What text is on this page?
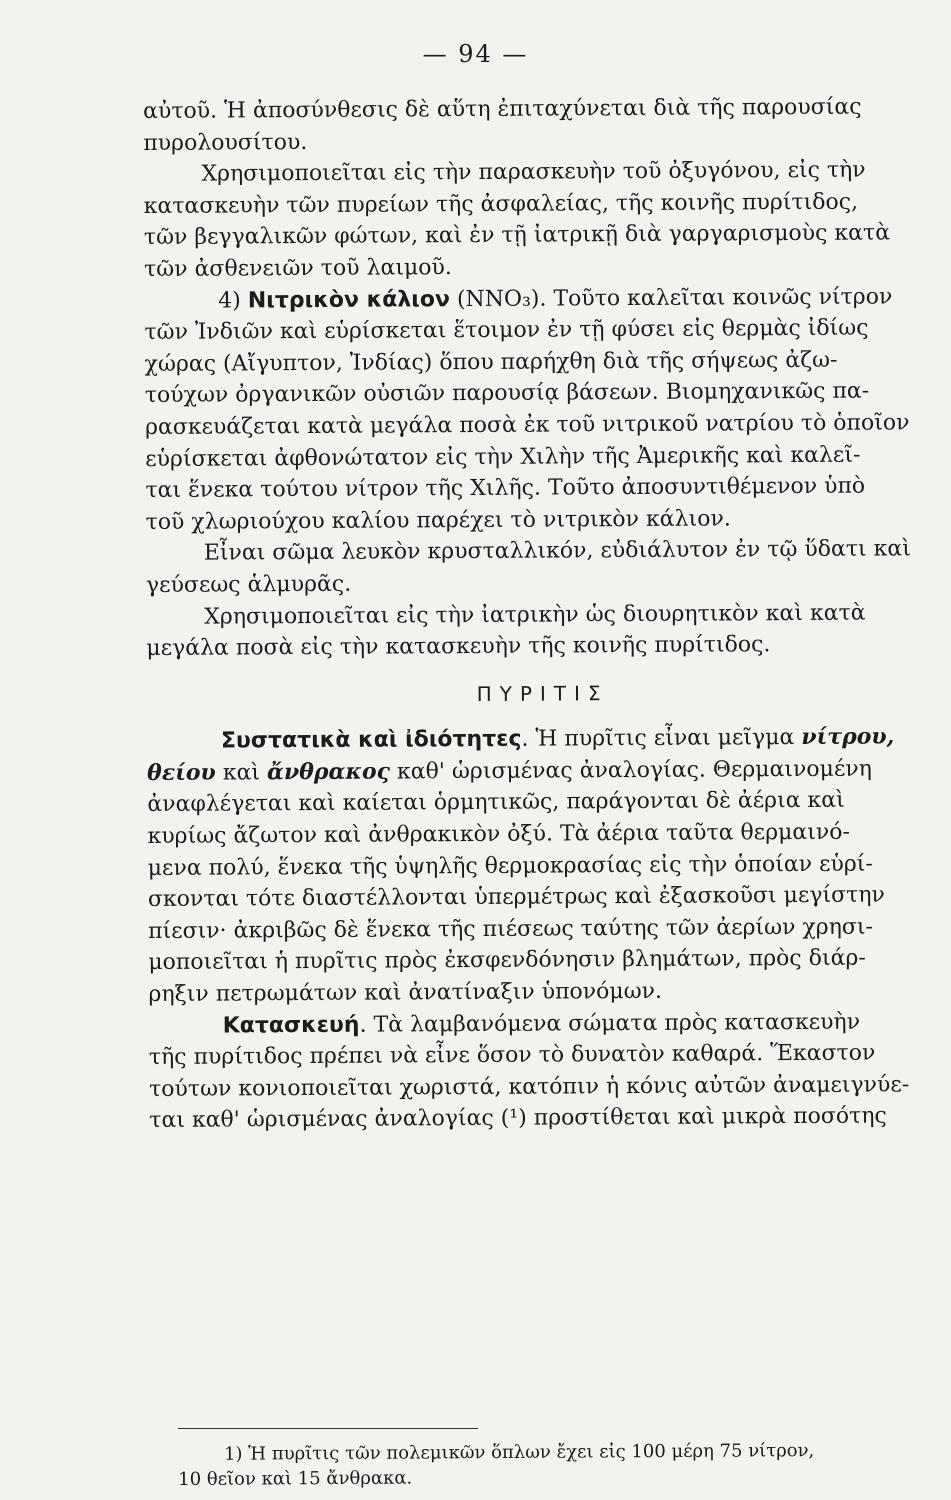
— 94 —
αὐτοῦ. Ἡ ἀποσύνθεσις δὲ αὕτη ἐπιταχύνεται διὰ τῆς παρουσίας
πυρολουσίτου.
Χρησιμοποιεῖται εἰς τὴν παρασκευὴν τοῦ ὀξυγόνου, εἰς τὴν
κατασκευὴν τῶν πυρείων τῆς ἀσφαλείας, τῆς κοινῆς πυρίτιδος,
τῶν βεγγαλικῶν φώτων, καὶ ἐν τῇ ἰατρικῇ διὰ γαργαρισμοὺς κατὰ
τῶν ἀσθενειῶν τοῦ λαιμοῦ.
4) Νιτρικὸν κάλιον (ΝΝΟ₃). Τοῦτο καλεῖται κοινῶς νίτρον
τῶν Ἰνδιῶν καὶ εὑρίσκεται ἕτοιμον ἐν τῇ φύσει εἰς θερμὰς ἰδίως
χώρας (Αἴγυπτον, Ἰνδίας) ὅπου παρήχθη διὰ τῆς σήψεως ἀζω-
τούχων ὀργανικῶν οὐσιῶν παρουσίᾳ βάσεων. Βιομηχανικῶς πα-
ρασκευάζεται κατὰ μεγάλα ποσὰ ἐκ τοῦ νιτρικοῦ νατρίου τὸ ὁποῖον
εὑρίσκεται ἀφθονώτατον εἰς τὴν Χιλὴν τῆς Ἀμερικῆς καὶ καλεῖ-
ται ἕνεκα τούτου νίτρον τῆς Χιλῆς. Τοῦτο ἀποσυντιθέμενον ὑπὸ
τοῦ χλωριούχου καλίου παρέχει τὸ νιτρικὸν κάλιον.
Εἶναι σῶμα λευκὸν κρυσταλλικόν, εὐδιάλυτον ἐν τῷ ὕδατι καὶ
γεύσεως ἁλμυρᾶς.
Χρησιμοποιεῖται εἰς τὴν ἰατρικὴν ὡς διουρητικὸν καὶ κατὰ
μεγάλα ποσὰ εἰς τὴν κατασκευὴν τῆς κοινῆς πυρίτιδος.
ΠΥΡΙΤΙΣ
Συστατικὰ καὶ ἰδιότητες. Ἡ πυρῖτις εἶναι μεῖγμα νίτρου,
θείου καὶ ἄνθρακος καθ' ὡρισμένας ἀναλογίας. Θερμαινομένη
ἀναφλέγεται καὶ καίεται ὁρμητικῶς, παράγονται δὲ ἀέρια καὶ
κυρίως ἄζωτον καὶ ἀνθρακικὸν ὀξύ. Τὰ ἀέρια ταῦτα θερμαινό-
μενα πολύ, ἕνεκα τῆς ὑψηλῆς θερμοκρασίας εἰς τὴν ὁποίαν εὑρί-
σκονται τότε διαστέλλονται ὑπερμέτρως καὶ ἐξασκοῦσι μεγίστην
πίεσιν· ἀκριβῶς δὲ ἕνεκα τῆς πιέσεως ταύτης τῶν ἀερίων χρησι-
μοποιεῖται ἡ πυρῖτις πρὸς ἐκσφενδόνησιν βλημάτων, πρὸς διάρ-
ρηξιν πετρωμάτων καὶ ἀνατίναξιν ὑπονόμων.
Κατασκευή. Τὰ λαμβανόμενα σώματα πρὸς κατασκευὴν
τῆς πυρίτιδος πρέπει νὰ εἶνε ὅσον τὸ δυνατὸν καθαρά. Ἕκαστον
τούτων κονιοποιεῖται χωριστά, κατόπιν ἡ κόνις αὐτῶν ἀναμειγνύε-
ται καθ' ὡρισμένας ἀναλογίας (¹) προστίθεται καὶ μικρὰ ποσότης
1) Ἡ πυρῖτις τῶν πολεμικῶν ὅπλων ἔχει εἰς 100 μέρη 75 νίτρον,
10 θεῖον καὶ 15 ἄνθρακα.
